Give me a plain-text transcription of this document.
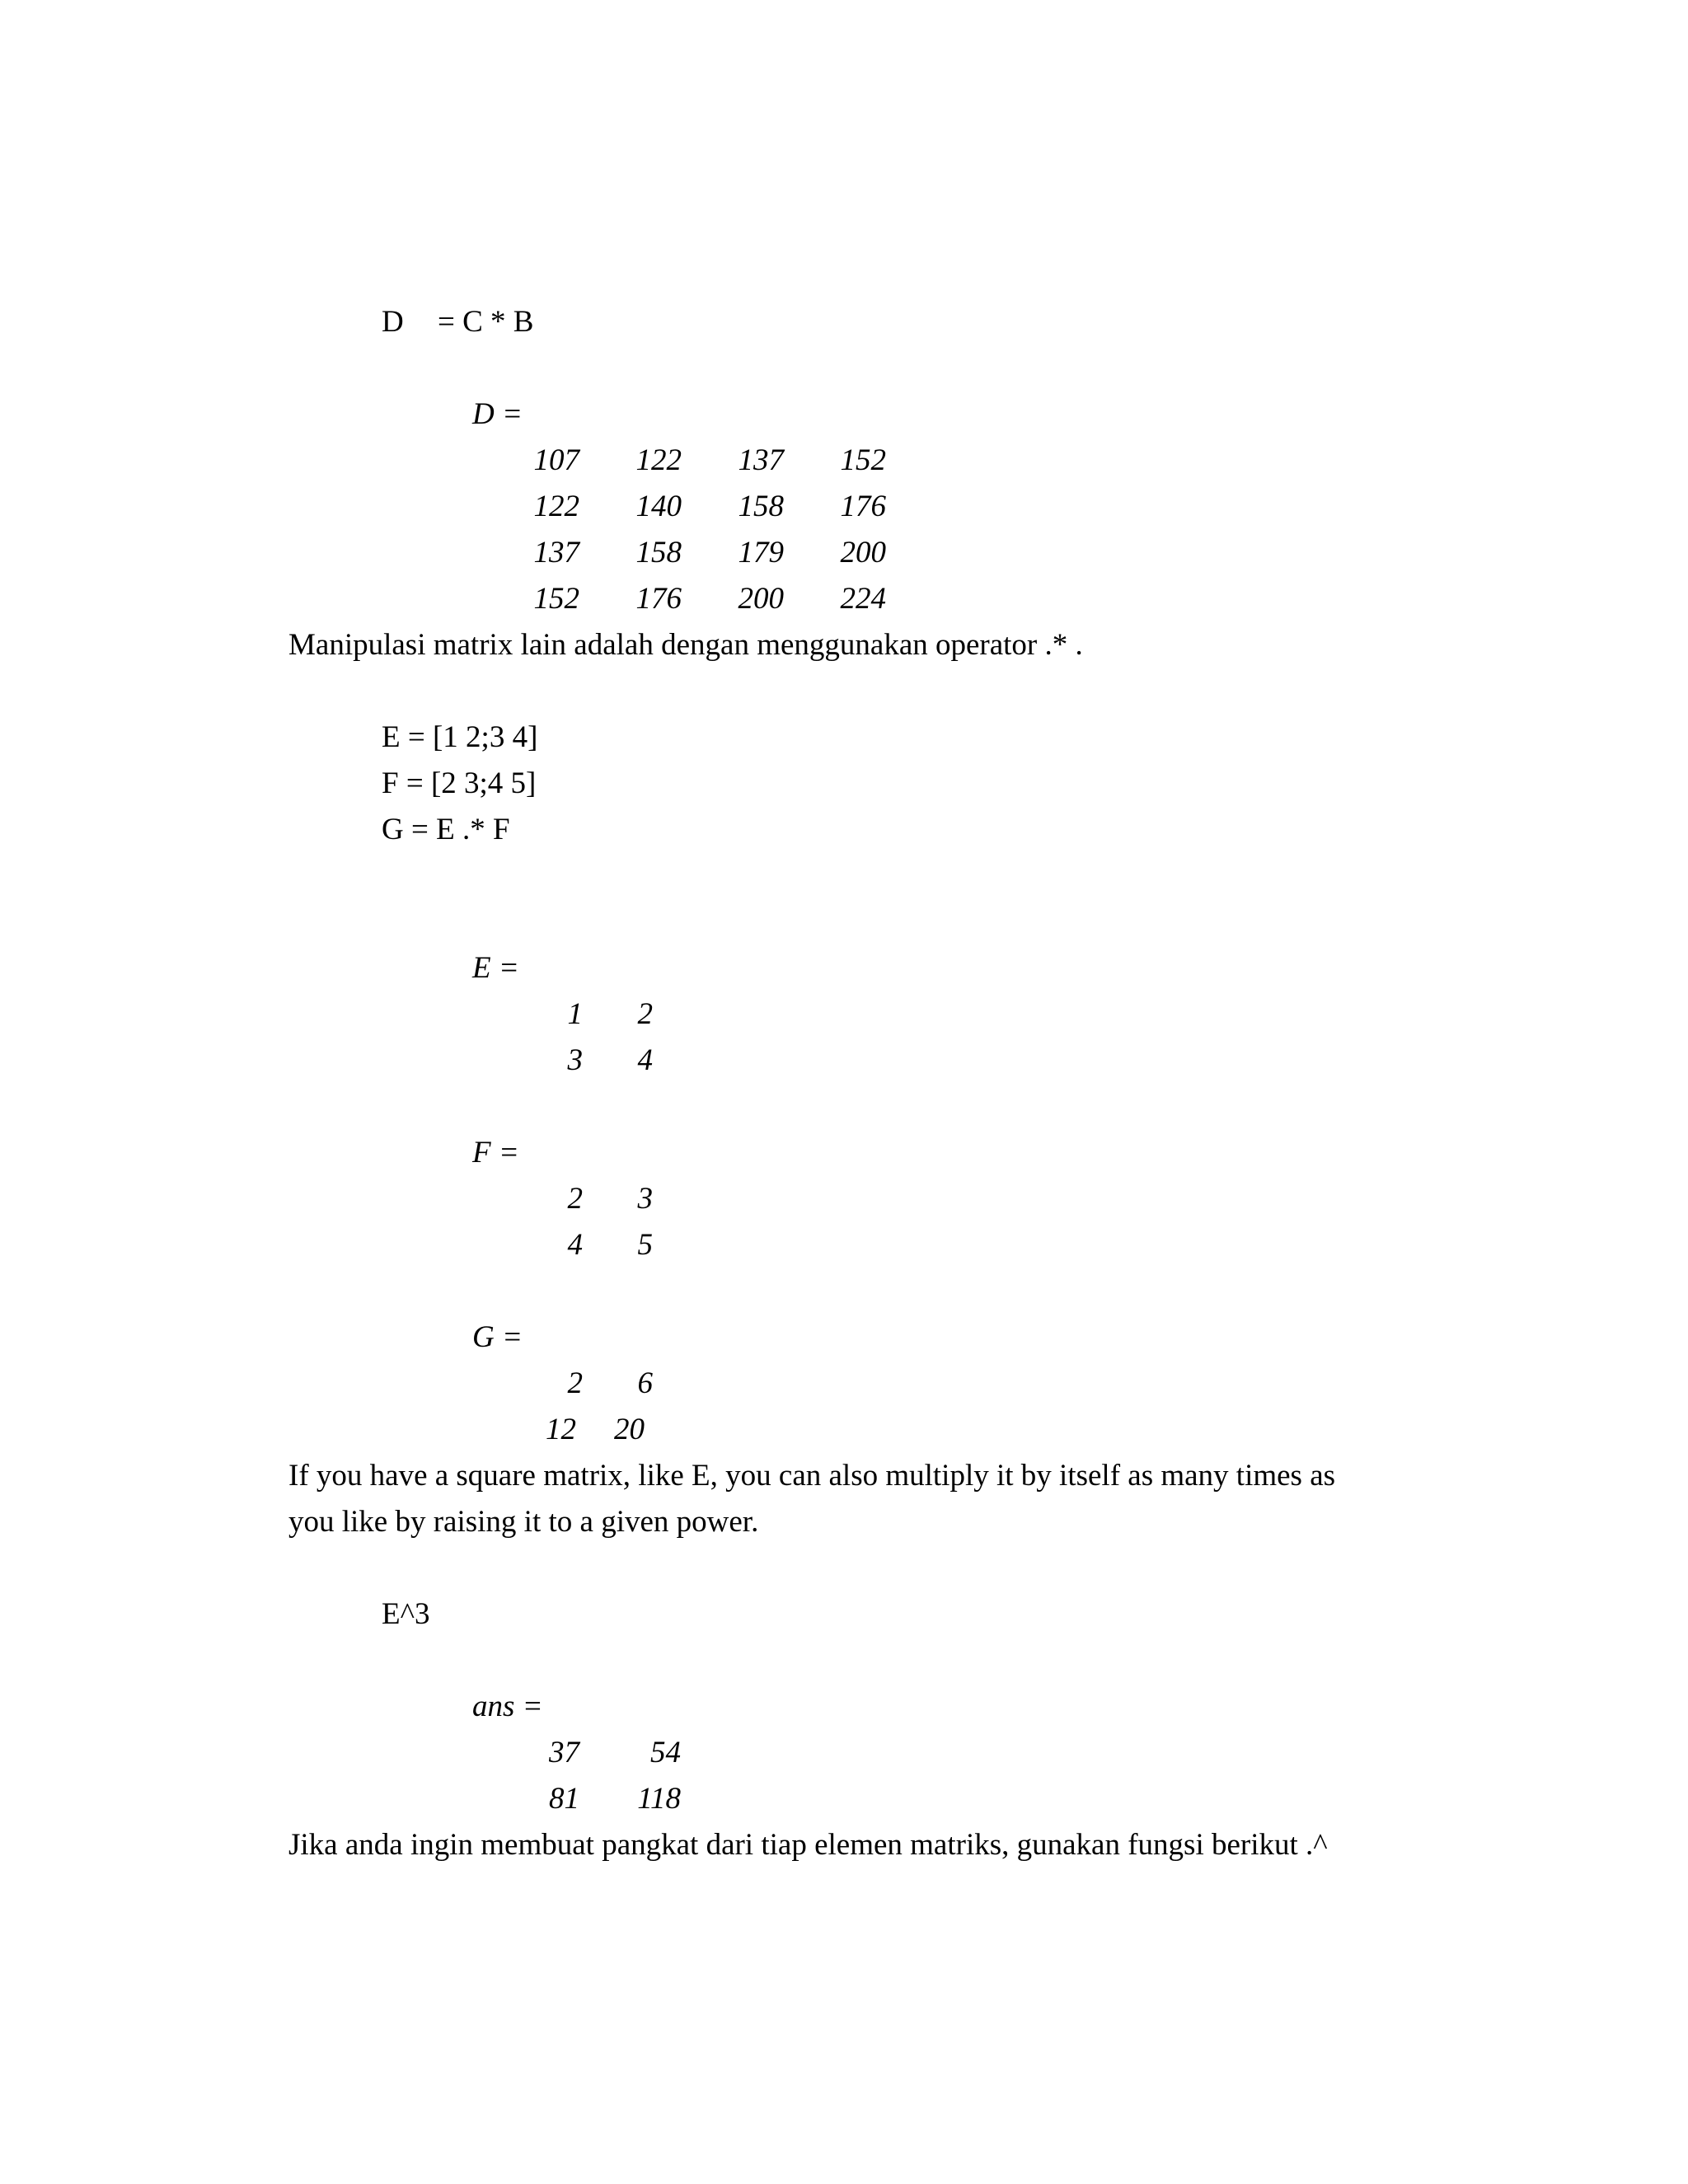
D = C * B
D =
107 122 137 152
122 140 158 176
137 158 179 200
152 176 200 224
Manipulasi matrix lain adalah dengan menggunakan operator .* .
E = [1 2;3 4]
F = [2 3;4 5]
G = E .* F
E =
1 2
3 4
F =
2 3
4 5
G =
2 6
12 20
If you have a square matrix, like E, you can also multiply it by itself as many times as
you like by raising it to a given power.
E^3
ans =
37 54
81 118
Jika anda ingin membuat pangkat dari tiap elemen matriks, gunakan fungsi berikut .^
